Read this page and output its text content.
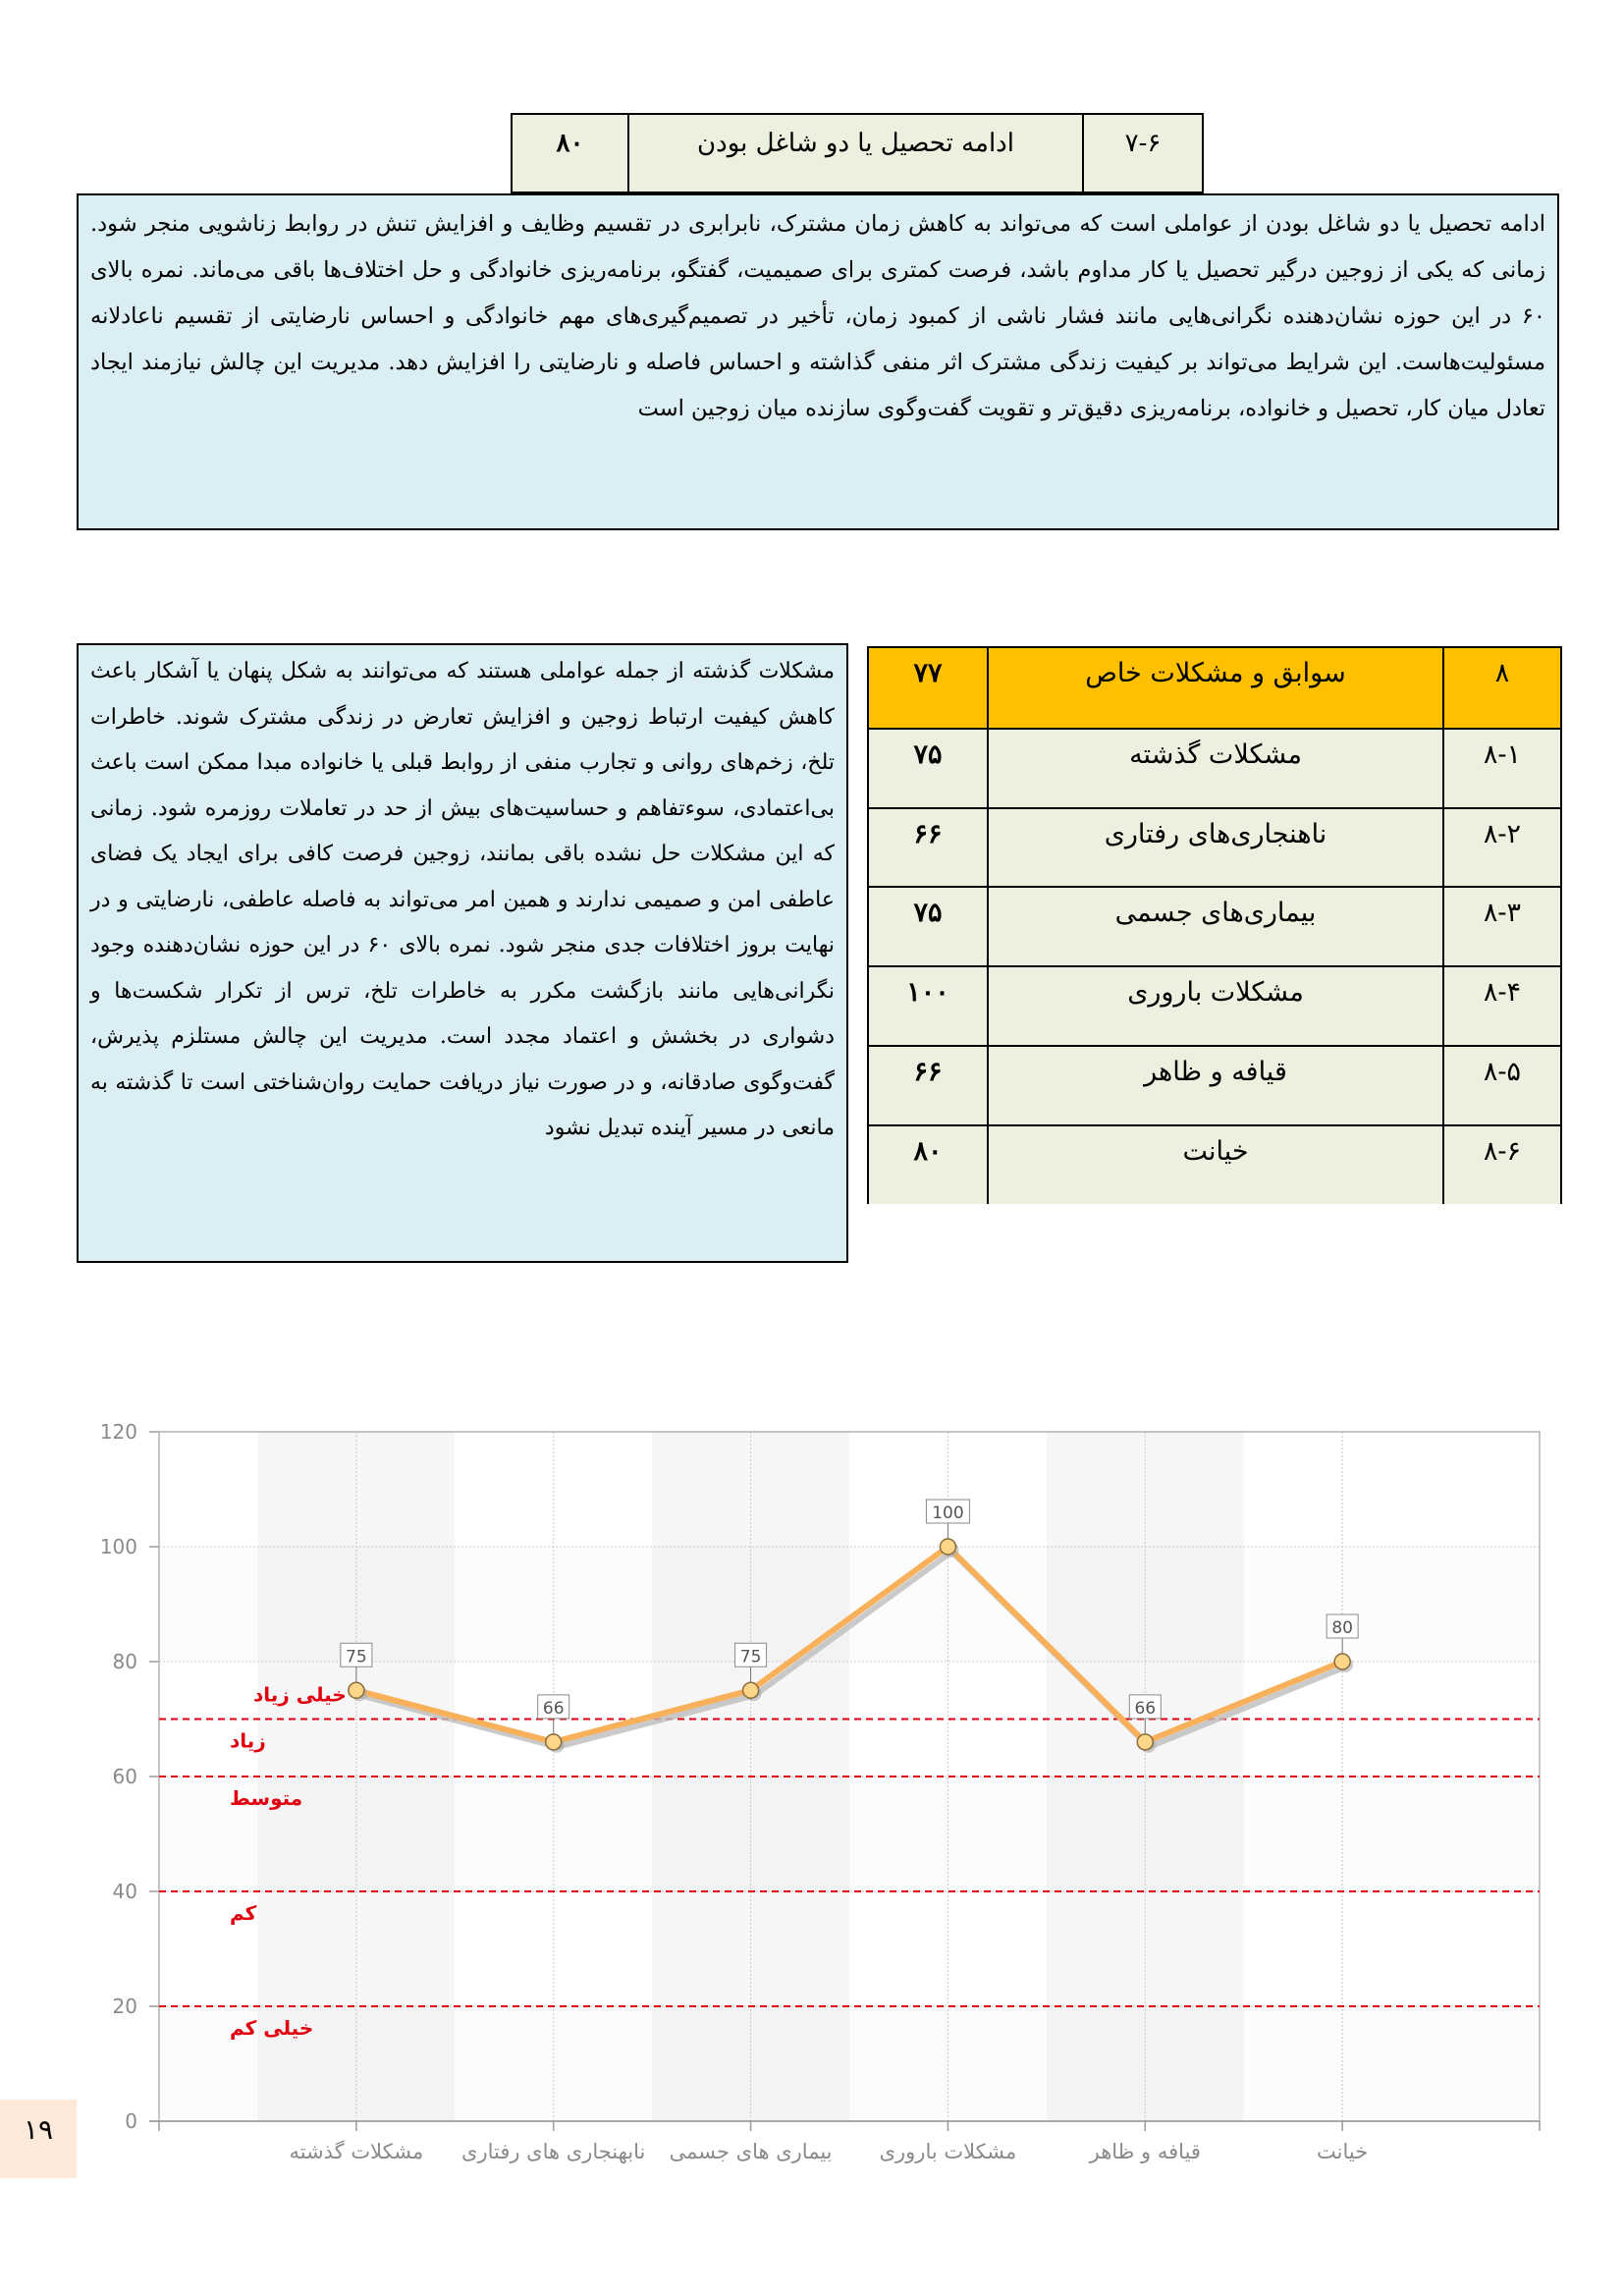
۸۰	ادامه تحصیل یا دو شاغل بودن	۷-۶
ادامه تحصیل یا دو شاغل بودن از عواملی است که می‌تواند به کاهش زمان مشترک، نابرابری در تقسیم وظایف و افزایش تنش در روابط زناشویی منجر شود. زمانی که یکی از زوجین درگیر تحصیل یا کار مداوم باشد، فرصت کمتری برای صمیمیت، گفتگو، برنامه‌ریزی خانوادگی و حل اختلاف‌ها باقی می‌ماند. نمره بالای ۶۰ در این حوزه نشان‌دهنده نگرانی‌هایی مانند فشار ناشی از کمبود زمان، تأخیر در تصمیم‌گیری‌های مهم خانوادگی و احساس نارضایتی از تقسیم ناعادلانه مسئولیت‌هاست. این شرایط می‌تواند بر کیفیت زندگی مشترک اثر منفی گذاشته و احساس فاصله و نارضایتی را افزایش دهد. مدیریت این چالش نیازمند ایجاد تعادل میان کار، تحصیل و خانواده، برنامه‌ریزی دقیق‌تر و تقویت گفت‌وگوی سازنده میان زوجین است
مشکلات گذشته از جمله عواملی هستند که می‌توانند به شکل پنهان یا آشکار باعث کاهش کیفیت ارتباط زوجین و افزایش تعارض در زندگی مشترک شوند. خاطرات تلخ، زخم‌های روانی و تجارب منفی از روابط قبلی یا خانواده مبدا ممکن است باعث بی‌اعتمادی، سوءتفاهم و حساسیت‌های بیش از حد در تعاملات روزمره شود. زمانی که این مشکلات حل نشده باقی بمانند، زوجین فرصت کافی برای ایجاد یک فضای عاطفی امن و صمیمی ندارند و همین امر می‌تواند به فاصله عاطفی، نارضایتی و در نهایت بروز اختلافات جدی منجر شود. نمره بالای ۶۰ در این حوزه نشان‌دهنده وجود نگرانی‌هایی مانند بازگشت مکرر به خاطرات تلخ، ترس از تکرار شکست‌ها و دشواری در بخشش و اعتماد مجدد است. مدیریت این چالش مستلزم پذیرش، گفت‌وگوی صادقانه، و در صورت نیاز دریافت حمایت روان‌شناختی است تا گذشته به مانعی در مسیر آینده تبدیل نشود
۷۷	سوابق و مشکلات خاص	۸
۷۵	مشکلات گذشته	۸-۱
۶۶	ناهنجاری‌های رفتاری	۸-۲
۷۵	بیماری‌های جسمی	۸-۳
۱۰۰	مشکلات باروری	۸-۴
۶۶	قیافه و ظاهر	۸-۵
۸۰	خیانت	۸-۶
0
20
40
60
80
100
120
مشکلات گذشته نابهنجاری های رفتاری بیماری های جسمی مشکلات باروری	قیافه و ظاهر	خیانت
خیلی زیاد
زیاد
متوسط
کم
خیلی کم
75
66
75
100
66
80
۱۹
